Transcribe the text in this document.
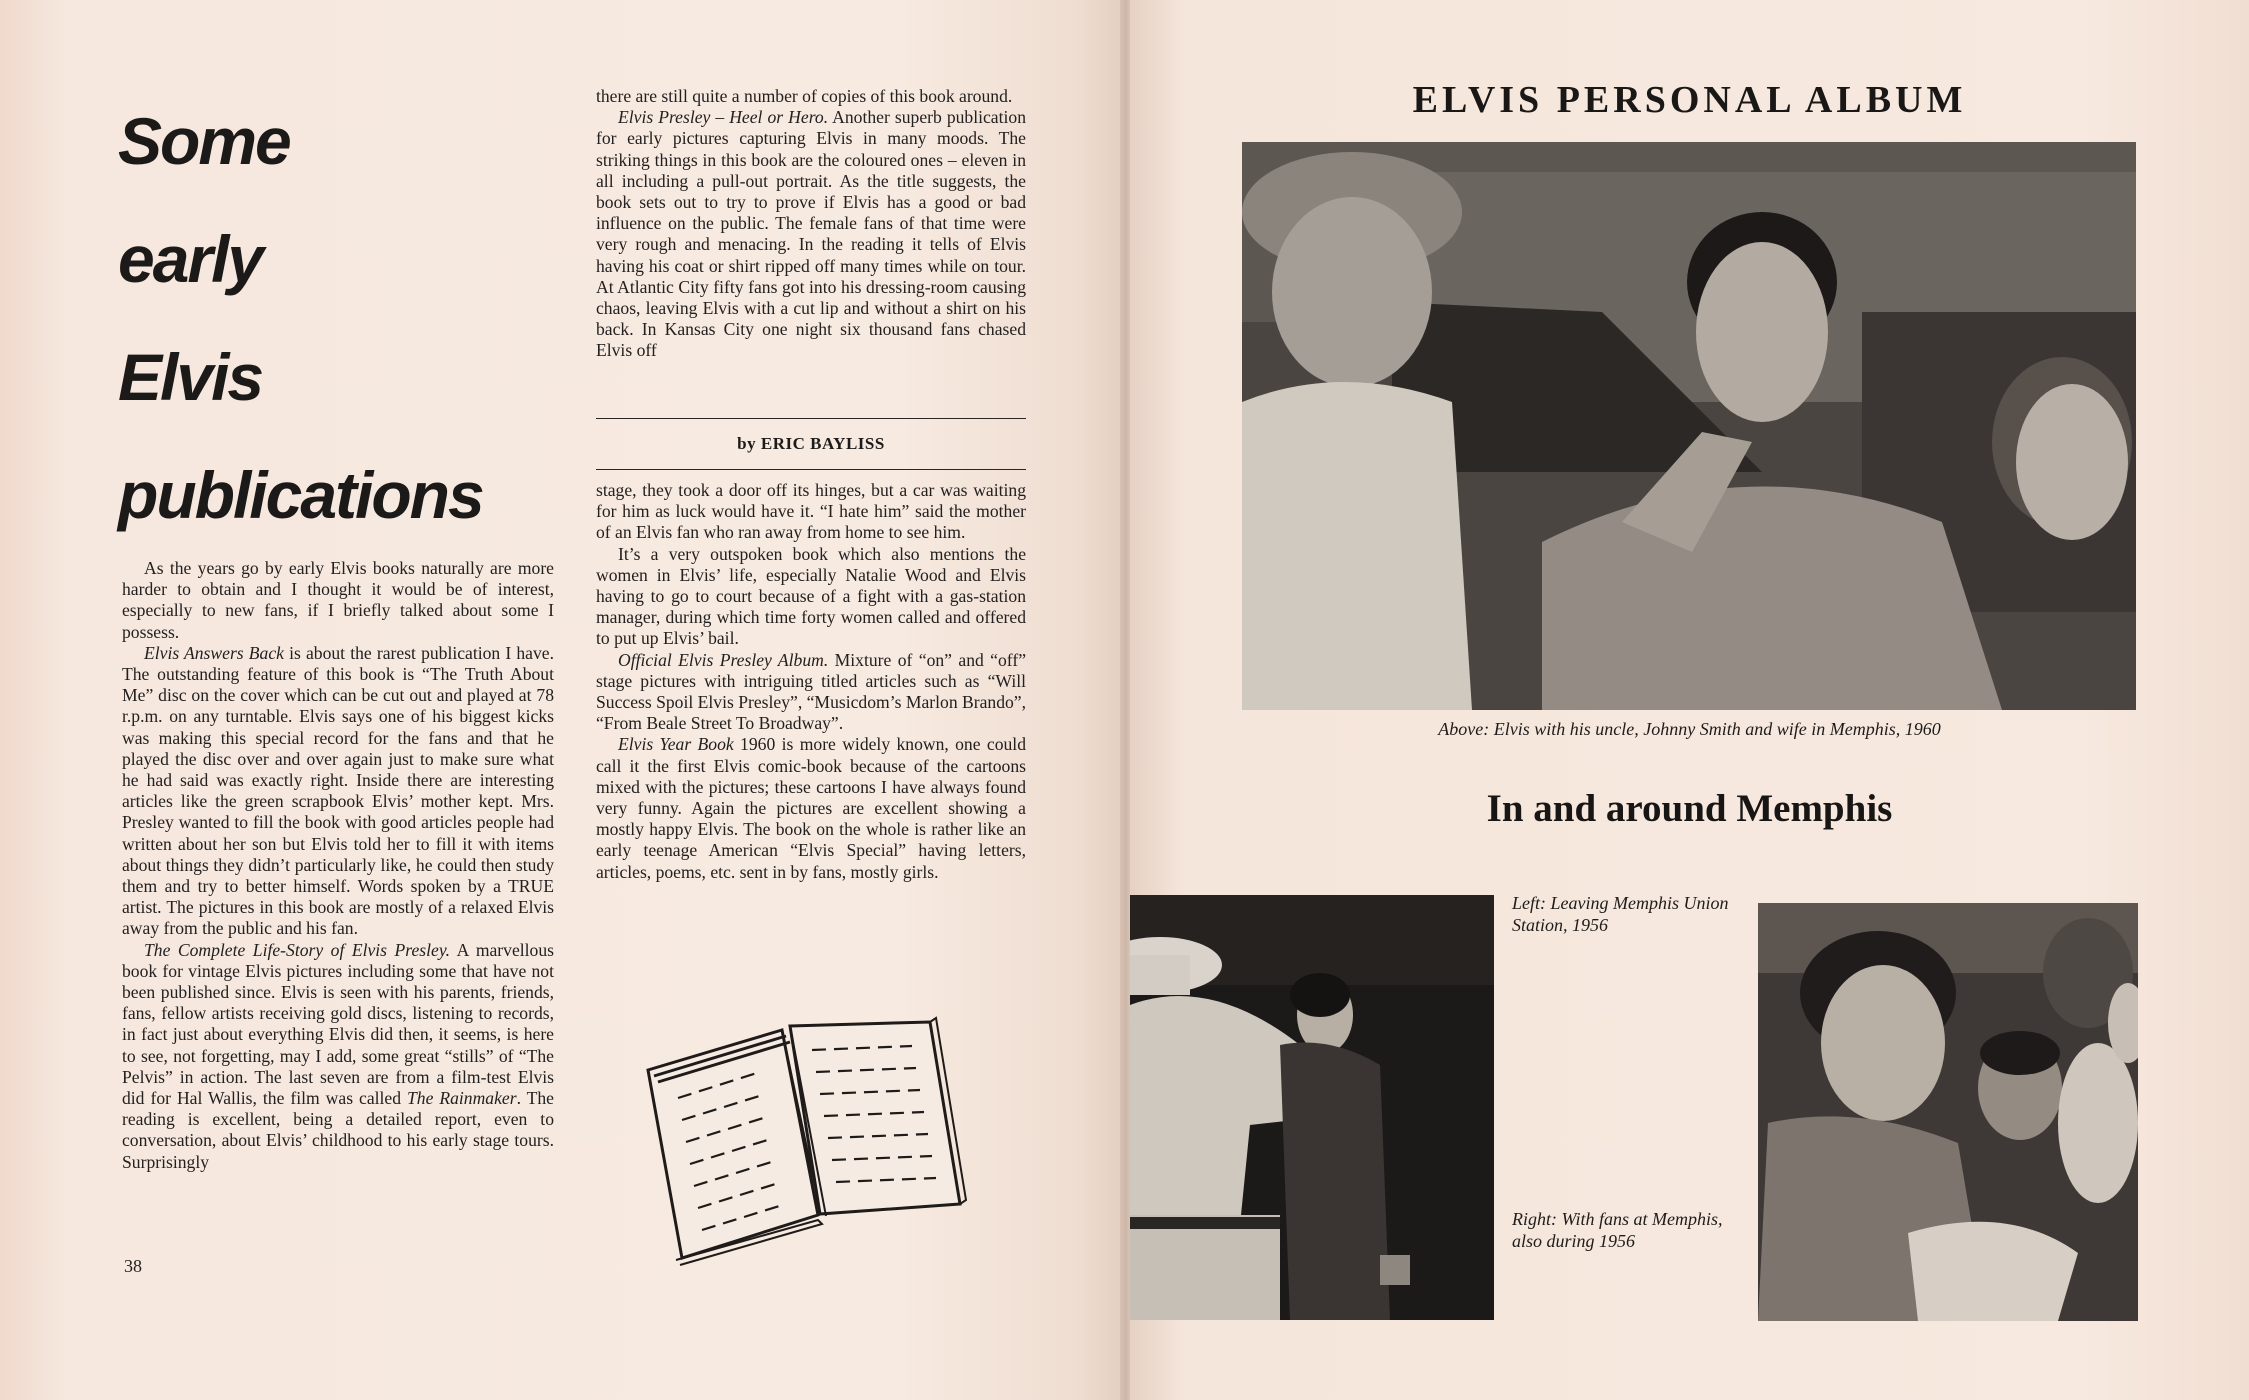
Some
early
Elvis
publications

As the years go by early Elvis books naturally are more harder to obtain and I thought it would be of interest, especially to new fans, if I briefly talked about some I possess.

Elvis Answers Back is about the rarest publication I have. The outstanding feature of this book is “The Truth About Me” disc on the cover which can be cut out and played at 78 r.p.m. on any turntable. Elvis says one of his biggest kicks was making this special record for the fans and that he played the disc over and over again just to make sure what he had said was exactly right. Inside there are interesting articles like the green scrapbook Elvis’ mother kept. Mrs. Presley wanted to fill the book with good articles people had written about her son but Elvis told her to fill it with items about things they didn’t particularly like, he could then study them and try to better himself. Words spoken by a TRUE artist. The pictures in this book are mostly of a relaxed Elvis away from the public and his fan.

The Complete Life-Story of Elvis Presley. A marvellous book for vintage Elvis pictures including some that have not been published since. Elvis is seen with his parents, friends, fans, fellow artists receiving gold discs, listening to records, in fact just about everything Elvis did then, it seems, is here to see, not forgetting, may I add, some great “stills” of “The Pelvis” in action. The last seven are from a film-test Elvis did for Hal Wallis, the film was called The Rainmaker. The reading is excellent, being a detailed report, even to conversation, about Elvis’ childhood to his early stage tours. Surprisingly

there are still quite a number of copies of this book around.

Elvis Presley – Heel or Hero. Another superb publication for early pictures capturing Elvis in many moods. The striking things in this book are the coloured ones – eleven in all including a pull-out portrait. As the title suggests, the book sets out to try to prove if Elvis has a good or bad influence on the public. The female fans of that time were very rough and menacing. In the reading it tells of Elvis having his coat or shirt ripped off many times while on tour. At Atlantic City fifty fans got into his dressing-room causing chaos, leaving Elvis with a cut lip and without a shirt on his back. In Kansas City one night six thousand fans chased Elvis off

by ERIC BAYLISS

stage, they took a door off its hinges, but a car was waiting for him as luck would have it. “I hate him” said the mother of an Elvis fan who ran away from home to see him.

It’s a very outspoken book which also mentions the women in Elvis’ life, especially Natalie Wood and Elvis having to go to court because of a fight with a gas-station manager, during which time forty women called and offered to put up Elvis’ bail.

Official Elvis Presley Album. Mixture of “on” and “off” stage pictures with intriguing titled articles such as “Will Success Spoil Elvis Presley”, “Musicdom’s Marlon Brando”, “From Beale Street To Broadway”.

Elvis Year Book 1960 is more widely known, one could call it the first Elvis comic-book because of the cartoons mixed with the pictures; these cartoons I have always found very funny. Again the pictures are excellent showing a mostly happy Elvis. The book on the whole is rather like an early teenage American “Elvis Special” having letters, articles, poems, etc. sent in by fans, mostly girls.

38
ELVIS PERSONAL ALBUM
Above: Elvis with his uncle, Johnny Smith and wife in Memphis, 1960
In and around Memphis
Left: Leaving Memphis Union Station, 1956
Right: With fans at Memphis, also during 1956
